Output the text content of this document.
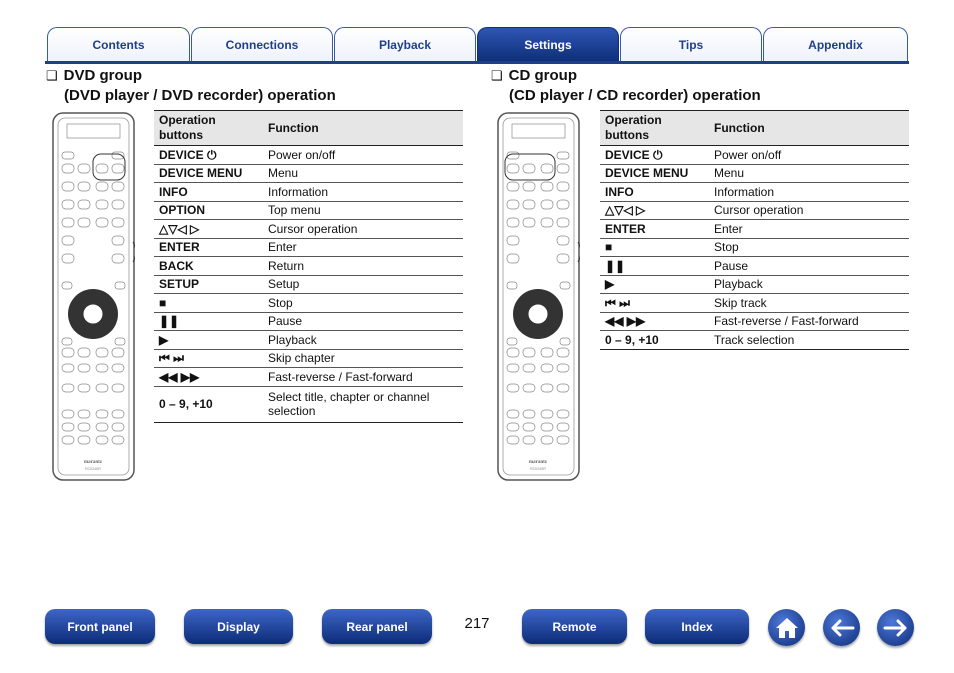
Contents	Connections	Playback	Settings	Tips	Appendix
❑ DVD group
(DVD player / DVD recorder) operation
❑ CD group
(CD player / CD recorder) operation
marantz
RC024SR
marantz
RC024SR
Operation buttons	Function
DEVICE ⏻	Power on/off
DEVICE MENU	Menu
INFO	Information
OPTION	Top menu
△▽◁ ▷	Cursor operation
ENTER	Enter
BACK	Return
SETUP	Setup
■	Stop
❚❚	Pause
▶	Playback
⏮ ⏭	Skip chapter
◀◀ ▶▶	Fast-reverse / Fast-forward
0 – 9, +10	Select title, chapter or channel selection
Operation buttons	Function
DEVICE ⏻	Power on/off
DEVICE MENU	Menu
INFO	Information
△▽◁ ▷	Cursor operation
ENTER	Enter
■	Stop
❚❚	Pause
▶	Playback
⏮ ⏭	Skip track
◀◀ ▶▶	Fast-reverse / Fast-forward
0 – 9, +10	Track selection
Front panel	Display	Rear panel	217	Remote	Index
